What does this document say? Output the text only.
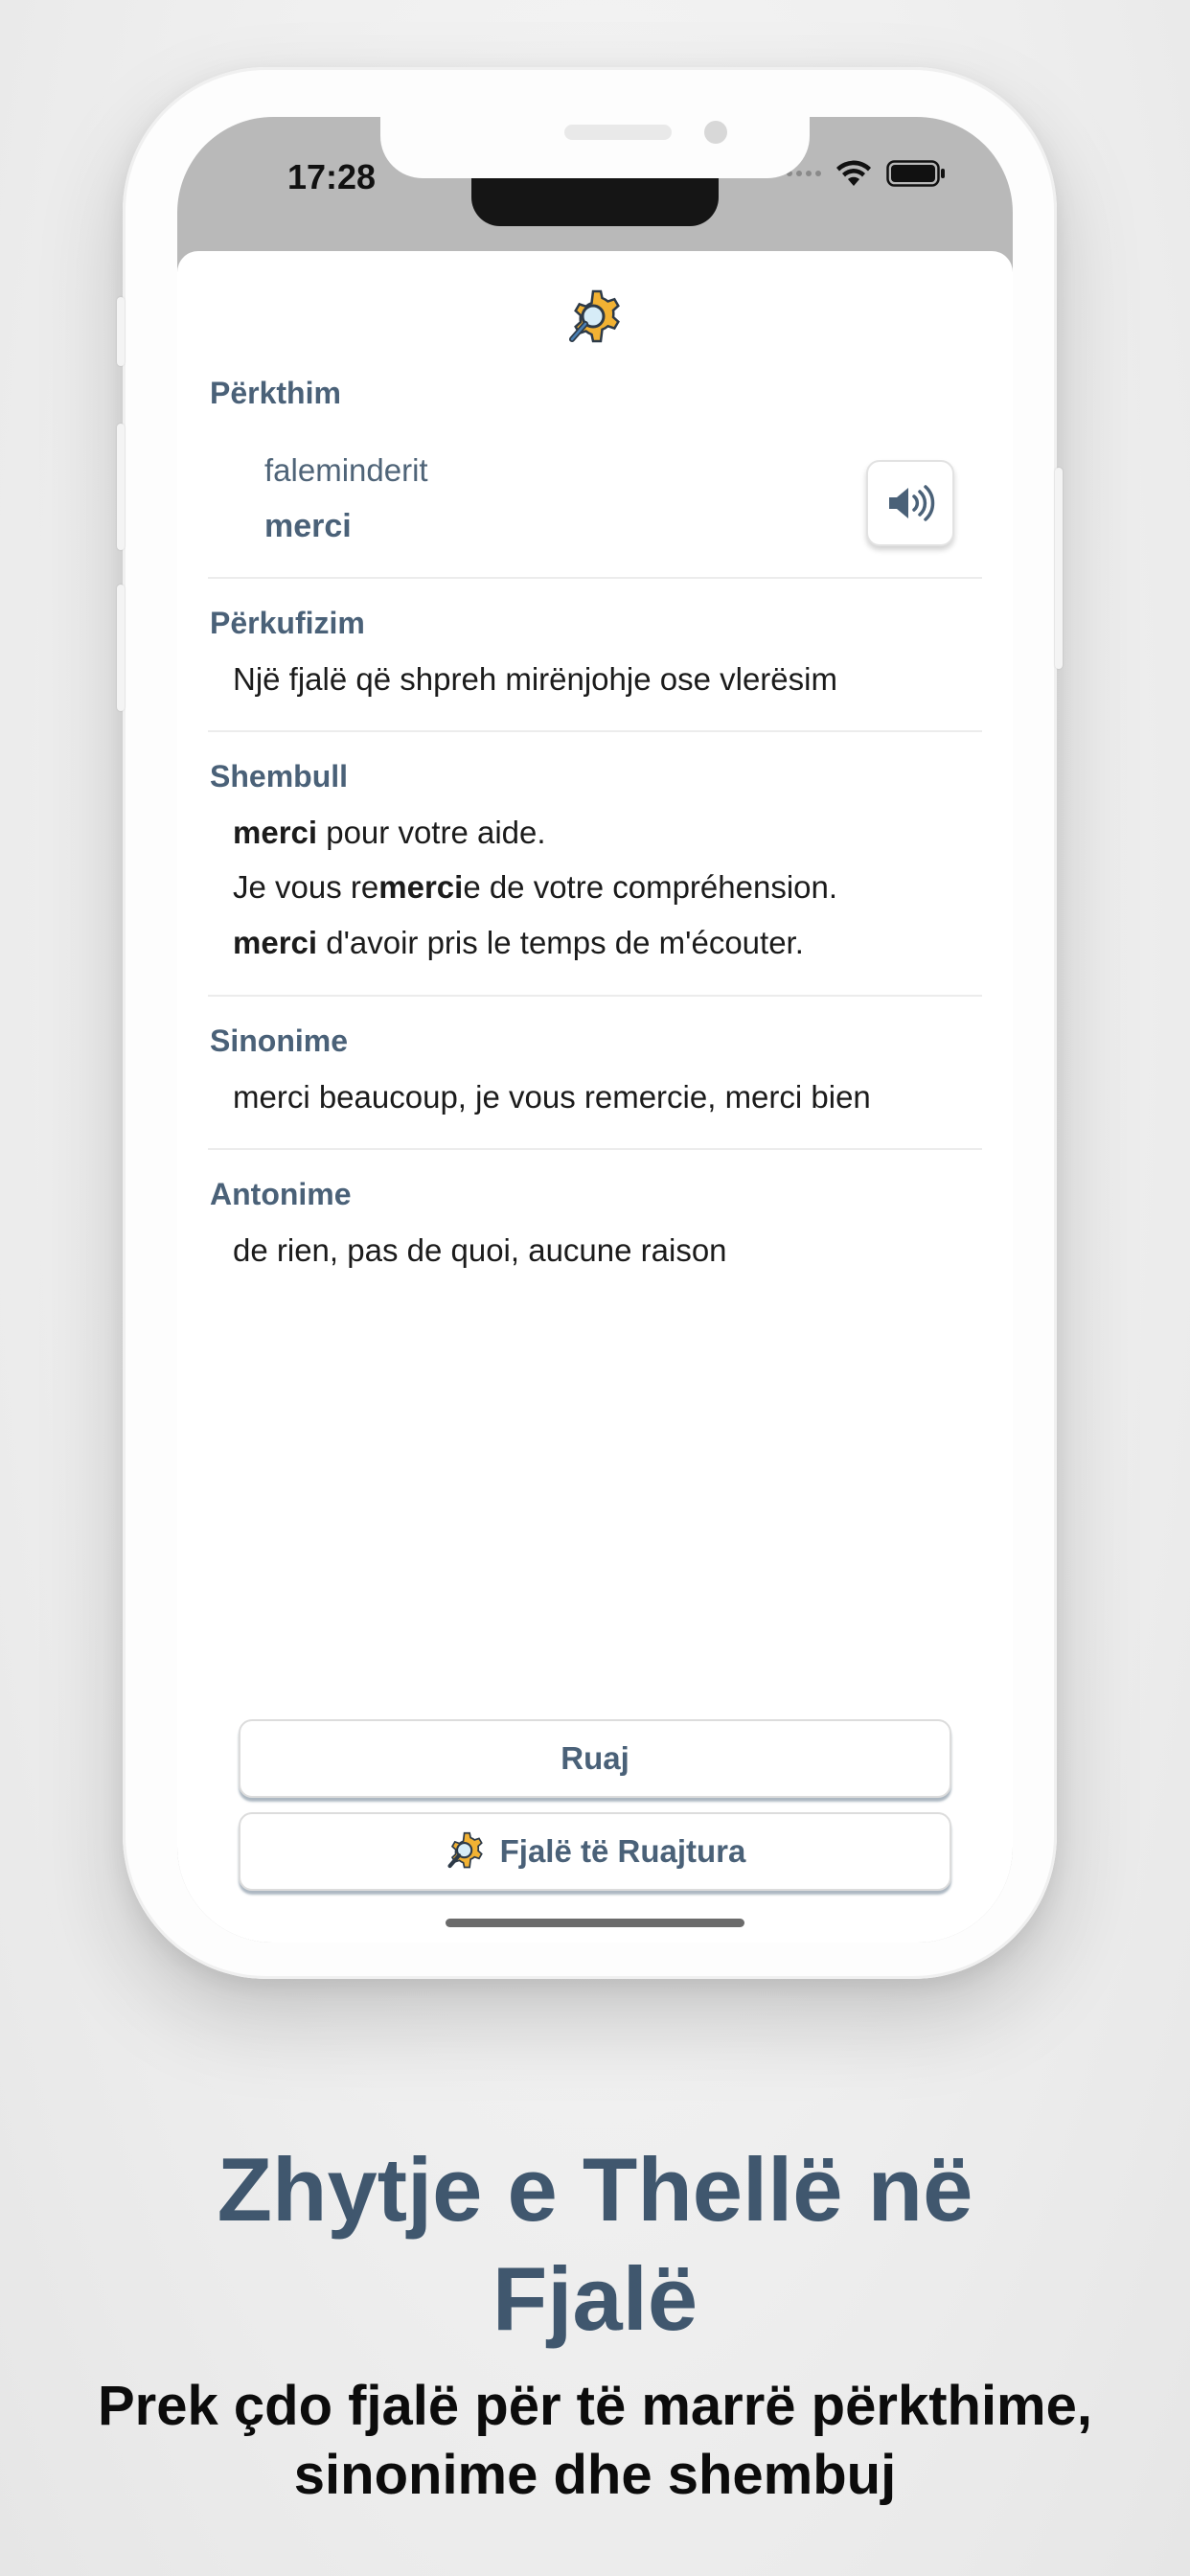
17:28
Përkthim
faleminderit
merci
Përkufizim
Një fjalë që shpreh mirënjohje ose vlerësim
Shembull
merci pour votre aide.
Je vous remercie de votre compréhension.
merci d'avoir pris le temps de m'écouter.
Sinonime
merci beaucoup, je vous remercie, merci bien
Antonime
de rien, pas de quoi, aucune raison
Ruaj
Fjalë të Ruajtura
Zhytje e Thellë në
Fjalë
Prek çdo fjalë për të marrë përkthime,
sinonime dhe shembuj
